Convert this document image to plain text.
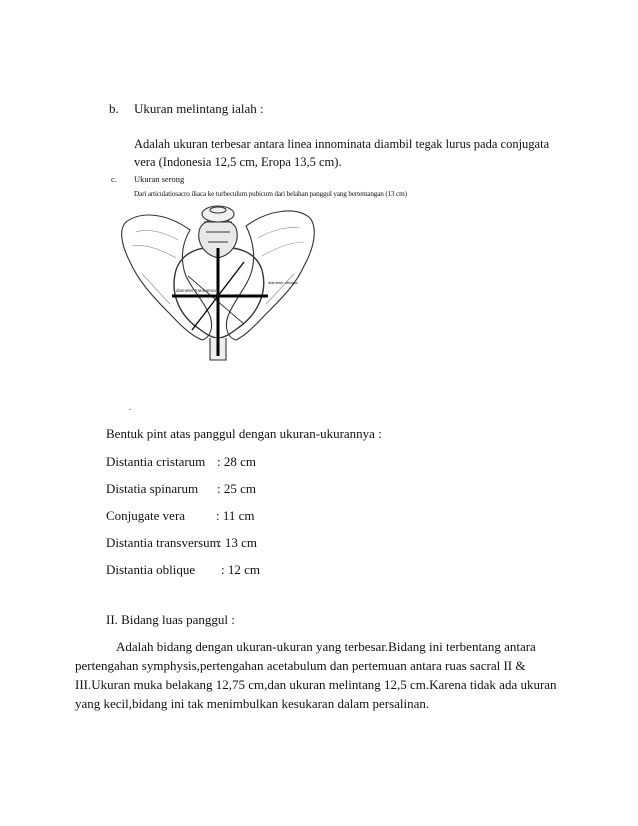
b. Ukuran melintang ialah :
Adalah ukuran terbesar antara linea innominata diambil tegak lurus pada conjugata
vera (Indonesia 12,5 cm, Eropa 13,5 cm).
c. Ukuran serong
Dari articulatiosacro iliaca ke turbeculum pubicum dari belahan panggul yang bertentangan (13 cm)
diameter transversa
diameter obliqua
.
Bentuk pint atas panggul dengan ukuran-ukurannya :
Distantia cristarum : 28 cm
Distatia spinarum : 25 cm
Conjugate vera : 11 cm
Distantia transversum
: 13 cm
Distantia oblique : 12 cm
II. Bidang luas panggul :
Adalah bidang dengan ukuran-ukuran yang terbesar.Bidang ini terbentang antara
pertengahan symphysis,pertengahan acetabulum dan pertemuan antara ruas sacral II &
III.Ukuran muka belakang 12,75 cm,dan ukuran melintang 12,5 cm.Karena tidak ada ukuran
yang kecil,bidang ini tak menimbulkan kesukaran dalam persalinan.
